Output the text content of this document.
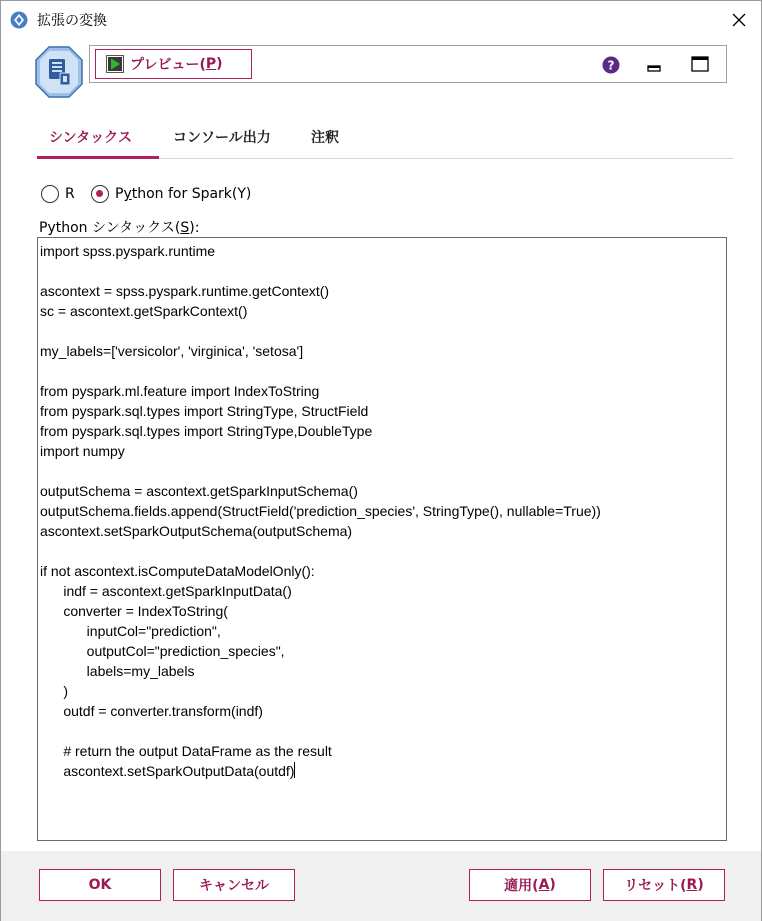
拡張の変換
プレビュー( P )	?
シンタックス	コンソール出力	注釈
R	P y thon for Spark(Y)
Python シンタックス(S):
import spss.pyspark.runtime
ascontext = spss.pyspark.runtime.getContext()
sc = ascontext.getSparkContext()
my_labels=['versicolor', 'virginica', 'setosa']
from pyspark.ml.feature import IndexToString
from pyspark.sql.types import StringType, StructField
from pyspark.sql.types import StringType,DoubleType
import numpy
outputSchema = ascontext.getSparkInputSchema()
outputSchema.fields.append(StructField('prediction_species', StringType(), nullable=True))
ascontext.setSparkOutputSchema(outputSchema)
if not ascontext.isComputeDataModelOnly():
indf = ascontext.getSparkInputData()
converter = IndexToString(
inputCol="prediction",
outputCol="prediction_species",
labels=my_labels
)
outdf = converter.transform(indf)
# return the output DataFrame as the result
ascontext.setSparkOutputData(outdf)
OK	キャンセル	適用( A )	リセット( R )
